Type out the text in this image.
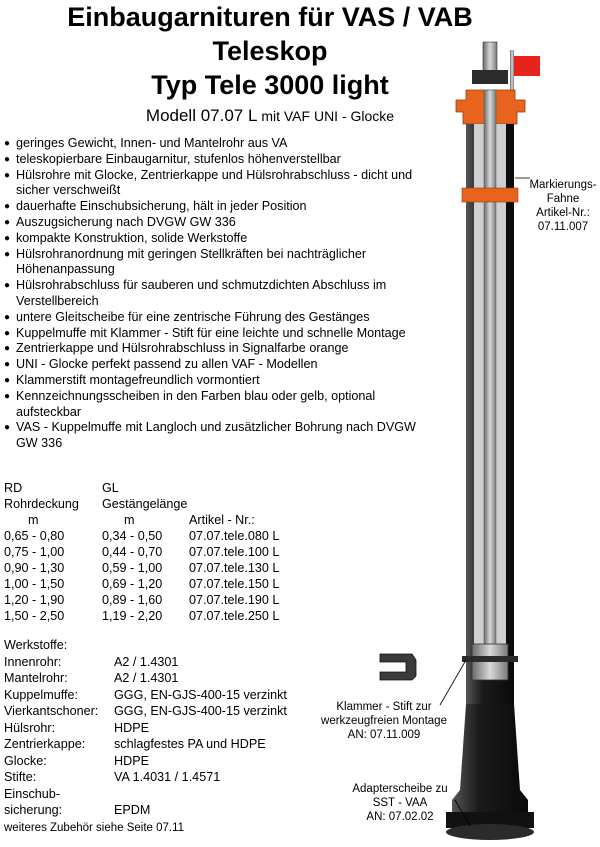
Einbaugarnituren für VAS / VAB
Teleskop
Typ Tele 3000 light
Modell 07.07 L mit VAF UNI - Glocke
● geringes Gewicht, Innen- und Mantelrohr aus VA
● teleskopierbare Einbaugarnitur, stufenlos höhenverstellbar
● Hülsrohre mit Glocke, Zentrierkappe und Hülsrohrabschluss - dicht und sicher verschweißt
● dauerhafte Einschubsicherung, hält in jeder Position
● Auszugsicherung nach DVGW GW 336
● kompakte Konstruktion, solide Werkstoffe
● Hülsrohranordnung mit geringen Stellkräften bei nachträglicher Höhenanpassung
● Hülsrohrabschluss für sauberen und schmutzdichten Abschluss im Verstellbereich
● untere Gleitscheibe für eine zentrische Führung des Gestänges
● Kuppelmuffe mit Klammer - Stift für eine leichte und schnelle Montage
● Zentrierkappe und Hülsrohrabschluss in Signalfarbe orange
● UNI - Glocke perfekt passend zu allen VAF - Modellen
● Klammerstift montagefreundlich vormontiert
● Kennzeichnungsscheiben in den Farben blau oder gelb, optional aufsteckbar
● VAS - Kuppelmuffe mit Langloch und zusätzlicher Bohrung nach DVGW GW 336
RD	GL
Rohrdeckung Gestängelänge
m	m	Artikel - Nr.:
0,65 - 0,80	0,34 - 0,50 07.07.tele.080 L
0,75 - 1,00	0,44 - 0,70 07.07.tele.100 L
0,90 - 1,30	0,59 - 1,00 07.07.tele.130 L
1,00 - 1,50	0,69 - 1,20 07.07.tele.150 L
1,20 - 1,90	0,89 - 1,60 07.07.tele.190 L
1,50 - 2,50	1,19 - 2,20 07.07.tele.250 L
Werkstoffe:
Innenrohr:	A2 / 1.4301
Mantelrohr:	A2 / 1.4301
Kuppelmuffe:	GGG, EN-GJS-400-15 verzinkt
Vierkantschoner: GGG, EN-GJS-400-15 verzinkt
Hülsrohr:	HDPE
Zentrierkappe: schlagfestes PA und HDPE
Glocke:	HDPE
Stifte:	VA 1.4031 / 1.4571
Einschub-
sicherung:	EPDM
weiteres Zubehör siehe Seite 07.11
Markierungs-
Fahne
Artikel-Nr.:
07.11.007
Klammer - Stift zur
werkzeugfreien Montage
AN: 07.11.009
Adapterscheibe zu
SST - VAA
AN: 07.02.02
